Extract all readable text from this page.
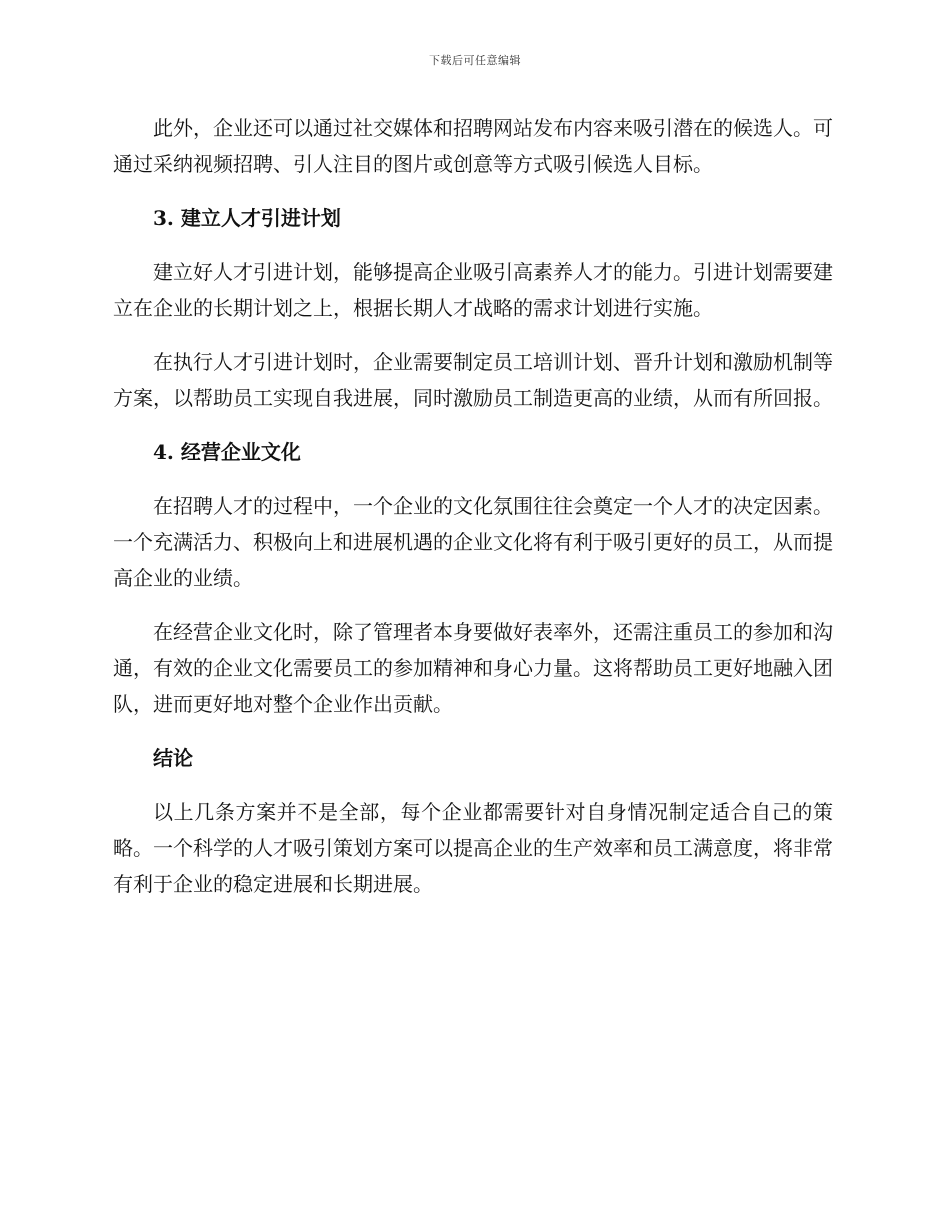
下载后可任意编辑

此外，企业还可以通过社交媒体和招聘网站发布内容来吸引潜在的候选人。可通过采纳视频招聘、引人注目的图片或创意等方式吸引候选人目标。

3. 建立人才引进计划

建立好人才引进计划，能够提高企业吸引高素养人才的能力。引进计划需要建立在企业的长期计划之上，根据长期人才战略的需求计划进行实施。

在执行人才引进计划时，企业需要制定员工培训计划、晋升计划和激励机制等方案，以帮助员工实现自我进展，同时激励员工制造更高的业绩，从而有所回报。

4. 经营企业文化

在招聘人才的过程中，一个企业的文化氛围往往会奠定一个人才的决定因素。一个充满活力、积极向上和进展机遇的企业文化将有利于吸引更好的员工，从而提高企业的业绩。

在经营企业文化时，除了管理者本身要做好表率外，还需注重员工的参加和沟通，有效的企业文化需要员工的参加精神和身心力量。这将帮助员工更好地融入团队，进而更好地对整个企业作出贡献。

结论

以上几条方案并不是全部，每个企业都需要针对自身情况制定适合自己的策略。一个科学的人才吸引策划方案可以提高企业的生产效率和员工满意度，将非常有利于企业的稳定进展和长期进展。
